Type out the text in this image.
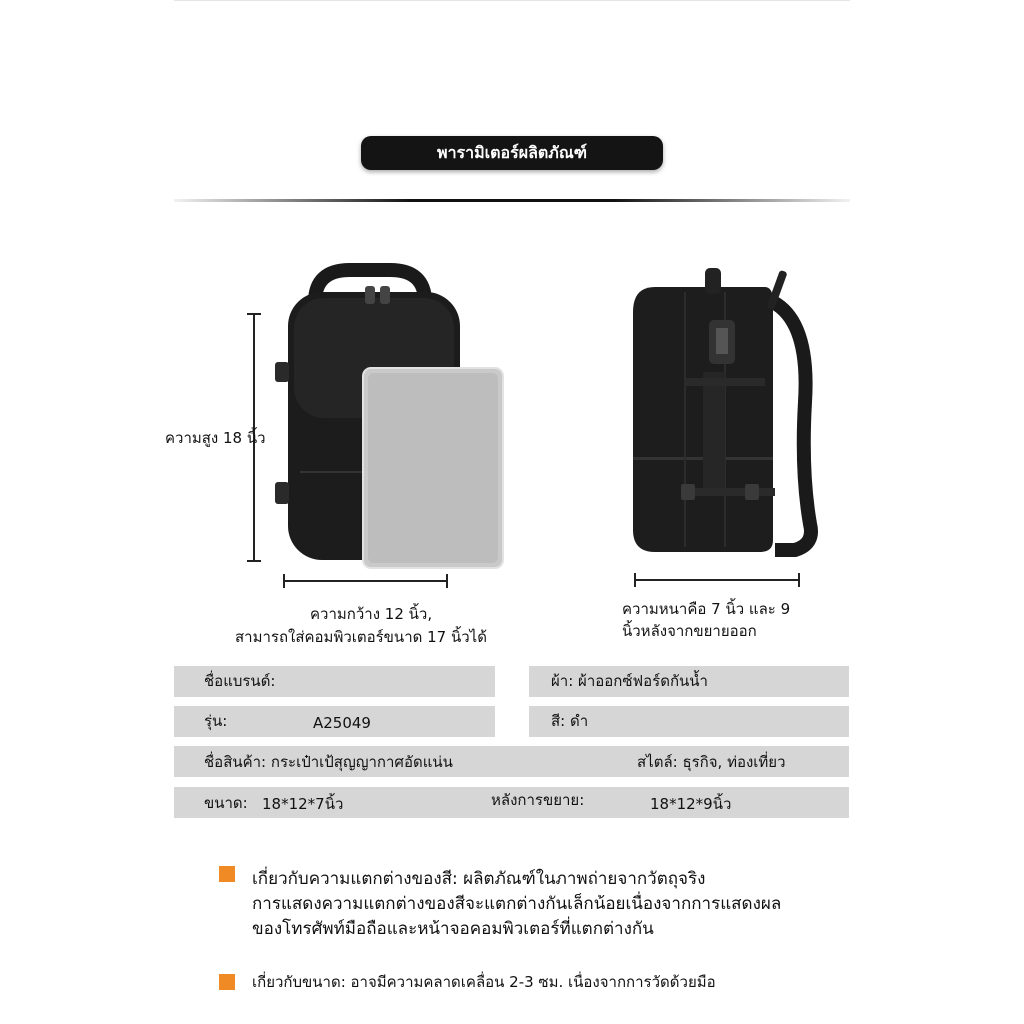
พารามิเตอร์ผลิตภัณฑ์
ความสูง 18 นิ้ว
ความกว้าง 12 นิ้ว,
สามารถใส่คอมพิวเตอร์ขนาด 17 นิ้วได้
ความหนาคือ 7 นิ้ว และ 9
นิ้วหลังจากขยายออก
ชื่อแบรนด์:	ผ้า: ผ้าออกซ์ฟอร์ดกันน้ำ
รุ่น:	A25049	สี: ดำ
ชื่อสินค้า: กระเป๋าเป้สุญญากาศอัดแน่น	สไตล์: ธุรกิจ, ท่องเที่ยว
ขนาด: 18*12*7นิ้ว	หลังการขยาย:	18*12*9นิ้ว
เกี่ยวกับความแตกต่างของสี: ผลิตภัณฑ์ในภาพถ่ายจากวัตถุจริง
การแสดงความแตกต่างของสีจะแตกต่างกันเล็กน้อยเนื่องจากการแสดงผล
ของโทรศัพท์มือถือและหน้าจอคอมพิวเตอร์ที่แตกต่างกัน
เกี่ยวกับขนาด: อาจมีความคลาดเคลื่อน 2-3 ซม. เนื่องจากการวัดด้วยมือ
